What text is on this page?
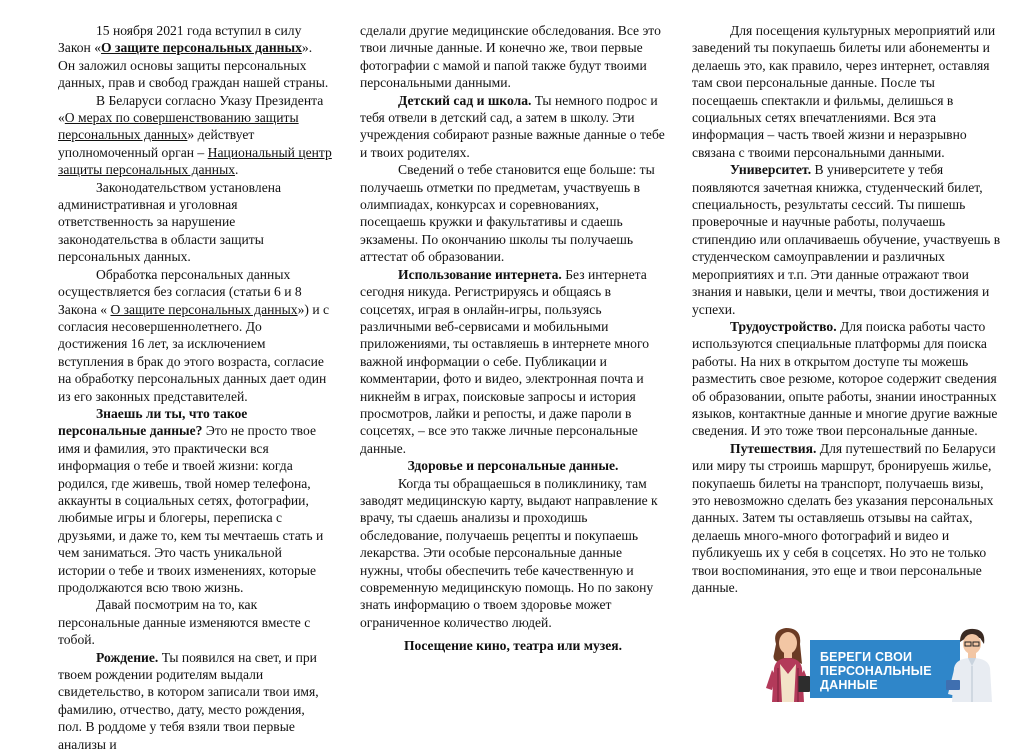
15 ноября 2021 года вступил в силу Закон «О защите персональных данных». Он заложил основы защиты персональных данных, прав и свобод граждан нашей страны.

В Беларуси согласно Указу Президента «О мерах по совершенствованию защиты персональных данных» действует уполномоченный орган – Национальный центр защиты персональных данных.

Законодательством установлена административная и уголовная ответственность за нарушение законодательства в области защиты персональных данных.

Обработка персональных данных осуществляется без согласия (статьи 6 и 8 Закона « О защите персональных данных») и с согласия несовершеннолетнего. До достижения 16 лет, за исключением вступления в брак до этого возраста, согласие на обработку персональных данных дает один из его законных представителей.

Знаешь ли ты, что такое персональные данные? Это не просто твое имя и фамилия, это практически вся информация о тебе и твоей жизни: когда родился, где живешь, твой номер телефона, аккаунты в социальных сетях, фотографии, любимые игры и блогеры, переписка с друзьями, и даже то, кем ты мечтаешь стать и чем заниматься. Это часть уникальной истории о тебе и твоих изменениях, которые продолжаются всю твою жизнь.

Давай посмотрим на то, как персональные данные изменяются вместе с тобой.

Рождение. Ты появился на свет, и при твоем рождении родителям выдали свидетельство, в котором записали твои имя, фамилию, отчество, дату, место рождения, пол. В роддоме у тебя взяли твои первые анализы и

сделали другие медицинские обследования. Все это твои личные данные. И конечно же, твои первые фотографии с мамой и папой также будут твоими персональными данными.

Детский сад и школа. Ты немного подрос и тебя отвели в детский сад, а затем в школу. Эти учреждения собирают разные важные данные о тебе и твоих родителях.

Сведений о тебе становится еще больше: ты получаешь отметки по предметам, участвуешь в олимпиадах, конкурсах и соревнованиях, посещаешь кружки и факультативы и сдаешь экзамены. По окончанию школы ты получаешь аттестат об образовании.

Использование интернета. Без интернета сегодня никуда. Регистрируясь и общаясь в соцсетях, играя в онлайн-игры, пользуясь различными веб-сервисами и мобильными приложениями, ты оставляешь в интернете много важной информации о себе. Публикации и комментарии, фото и видео, электронная почта и никнейм в играх, поисковые запросы и история просмотров, лайки и репосты, и даже пароли в соцсетях, – все это также личные персональные данные.

Здоровье и персональные данные.

Когда ты обращаешься в поликлинику, там заводят медицинскую карту, выдают направление к врачу, ты сдаешь анализы и проходишь обследование, получаешь рецепты и покупаешь лекарства. Эти особые персональные данные нужны, чтобы обеспечить тебе качественную и современную медицинскую помощь. Но по закону знать информацию о твоем здоровье может ограниченное количество людей.

Посещение кино, театра или музея.

Для посещения культурных мероприятий или заведений ты покупаешь билеты или абонементы и делаешь это, как правило, через интернет, оставляя там свои персональные данные. После ты посещаешь спектакли и фильмы, делишься в социальных сетях впечатлениями. Вся эта информация – часть твоей жизни и неразрывно связана с твоими персональными данными.

Университет. В университете у тебя появляются зачетная книжка, студенческий билет, специальность, результаты сессий. Ты пишешь проверочные и научные работы, получаешь стипендию или оплачиваешь обучение, участвуешь в студенческом самоуправлении и различных мероприятиях и т.п. Эти данные отражают твои знания и навыки, цели и мечты, твои достижения и успехи.

Трудоустройство. Для поиска работы часто используются специальные платформы для поиска работы. На них в открытом доступе ты можешь разместить свое резюме, которое содержит сведения об образовании, опыте работы, знании иностранных языков, контактные данные и многие другие важные сведения. И это тоже твои персональные данные.

Путешествия. Для путешествий по Беларуси или миру ты строишь маршрут, бронируешь жилье, покупаешь билеты на транспорт, получаешь визы, это невозможно сделать без указания персональных данных. Затем ты оставляешь отзывы на сайтах, делаешь много-много фотографий и видео и публикуешь их у себя в соцсетях. Но это не только твои воспоминания, это еще и твои персональные данные.

БЕРЕГИ СВОИ
ПЕРСОНАЛЬНЫЕ
ДАННЫЕ
